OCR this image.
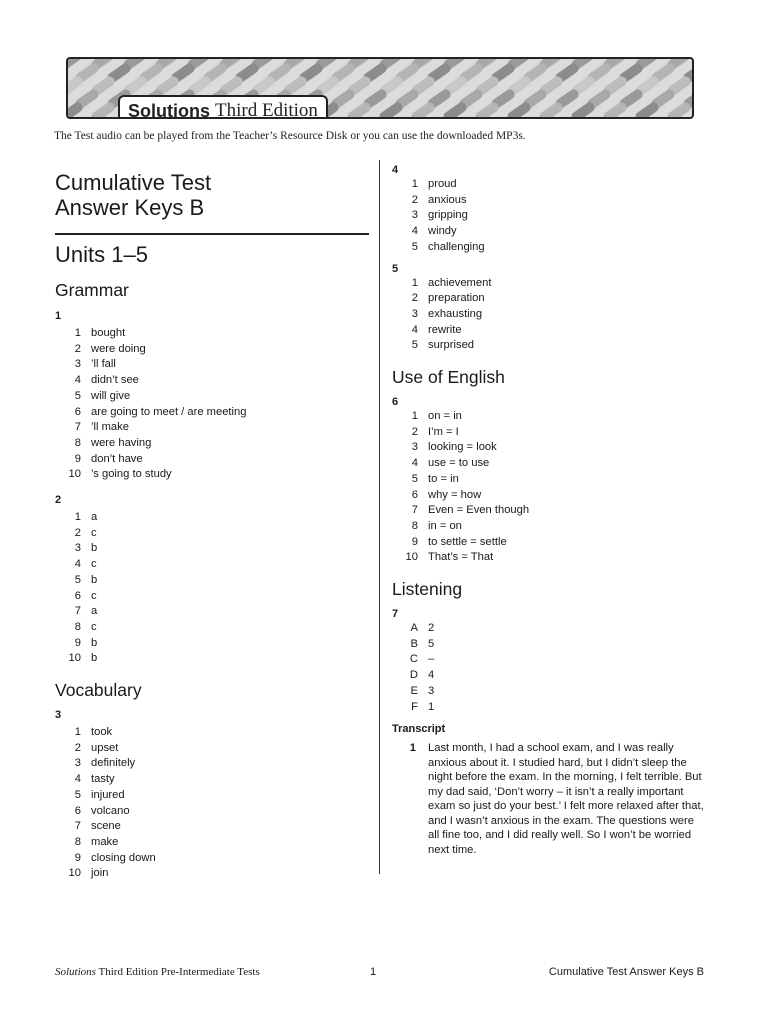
Solutions Third Edition
The Test audio can be played from the Teacher’s Resource Disk or you can use the downloaded MP3s.
Cumulative Test
Answer Keys B
Units 1–5
Grammar
1
1 bought
2 were doing
3 ’ll fall
4 didn’t see
5 will give
6 are going to meet / are meeting
7 ’ll make
8 were having
9 don’t have
10 ’s going to study
2
1 a
2 c
3 b
4 c
5 b
6 c
7 a
8 c
9 b
10 b
Vocabulary
3
1 took
2 upset
3 definitely
4 tasty
5 injured
6 volcano
7 scene
8 make
9 closing down
10 join
4
1 proud
2 anxious
3 gripping
4 windy
5 challenging
5
1 achievement
2 preparation
3 exhausting
4 rewrite
5 surprised
Use of English
6
1 on = in
2 I’m = I
3 looking = look
4 use = to use
5 to = in
6 why = how
7 Even = Even though
8 in = on
9 to settle = settle
10 That’s = That
Listening
7
A 2
B 5
C –
D 4
E 3
F 1
Transcript
1	Last month, I had a school exam, and I was really anxious about it. I studied hard, but I didn’t sleep the night before the exam. In the morning, I felt terrible. But my dad said, ‘Don’t worry – it isn’t a really important exam so just do your best.’ I felt more relaxed after that, and I wasn’t anxious in the exam. The questions were all fine too, and I did really well. So I won’t be worried next time.
Solutions Third Edition Pre-Intermediate Tests	1	Cumulative Test Answer Keys B
